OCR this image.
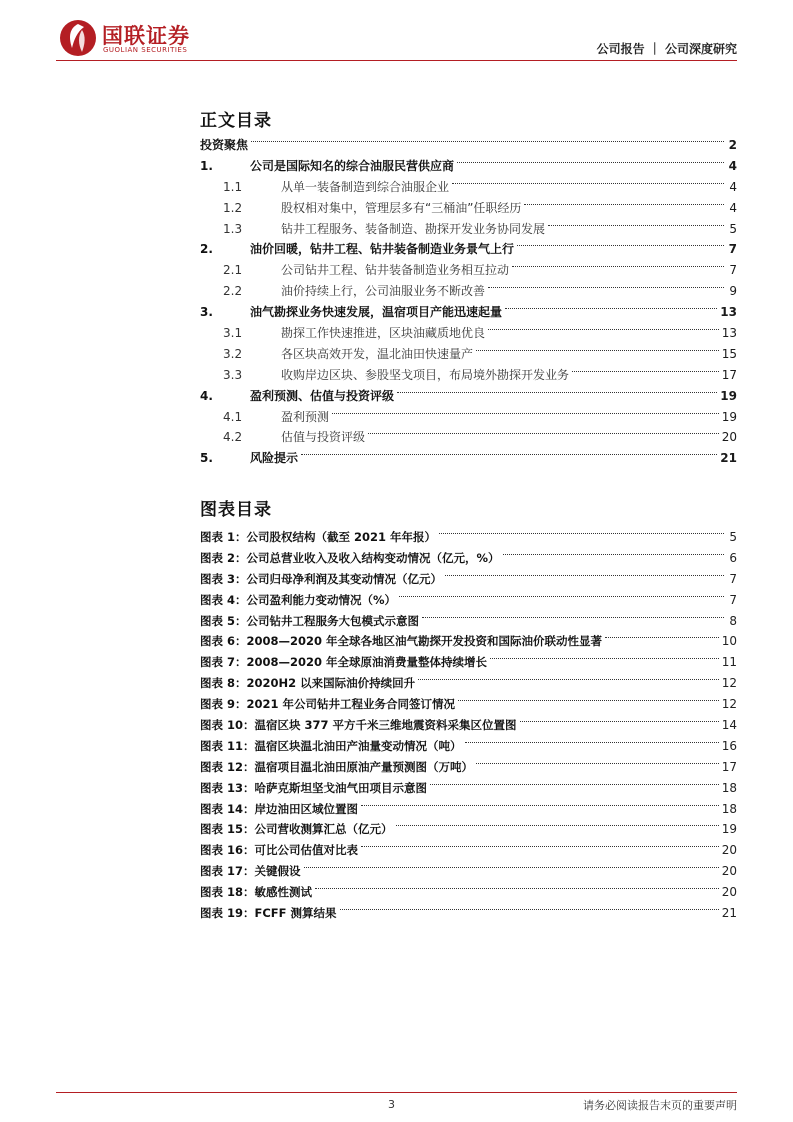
国联证券
GUOLIAN SECURITIES	公司报告 ｜ 公司深度研究
正文目录
投资聚焦	2
1.	公司是国际知名的综合油服民营供应商	4
1.1	从单一装备制造到综合油服企业	4
1.2	股权相对集中，管理层多有“三桶油”任职经历	4
1.3	钻井工程服务、装备制造、勘探开发业务协同发展	5
2.	油价回暖，钻井工程、钻井装备制造业务景气上行	7
2.1	公司钻井工程、钻井装备制造业务相互拉动	7
2.2	油价持续上行，公司油服业务不断改善	9
3.	油气勘探业务快速发展，温宿项目产能迅速起量	13
3.1	勘探工作快速推进，区块油藏质地优良	13
3.2	各区块高效开发，温北油田快速量产	15
3.3	收购岸边区块、参股坚戈项目，布局境外勘探开发业务	17
4.	盈利预测、估值与投资评级	19
4.1	盈利预测	19
4.2	估值与投资评级	20
5.	风险提示	21
图表目录
图表 1：公司股权结构（截至 2021 年年报）	5
图表 2：公司总营业收入及收入结构变动情况（亿元，%）	6
图表 3：公司归母净利润及其变动情况（亿元）	7
图表 4：公司盈利能力变动情况（%）	7
图表 5：公司钻井工程服务大包模式示意图	8
图表 6：2008—2020 年全球各地区油气勘探开发投资和国际油价联动性显著	10
图表 7：2008—2020 年全球原油消费量整体持续增长	11
图表 8：2020H2 以来国际油价持续回升	12
图表 9：2021 年公司钻井工程业务合同签订情况	12
图表 10：温宿区块 377 平方千米三维地震资料采集区位置图	14
图表 11：温宿区块温北油田产油量变动情况（吨）	16
图表 12：温宿项目温北油田原油产量预测图（万吨）	17
图表 13：哈萨克斯坦坚戈油气田项目示意图	18
图表 14：岸边油田区域位置图	18
图表 15：公司营收测算汇总（亿元）	19
图表 16：可比公司估值对比表	20
图表 17：关键假设	20
图表 18：敏感性测试	20
图表 19：FCFF 测算结果	21
3	请务必阅读报告末页的重要声明
